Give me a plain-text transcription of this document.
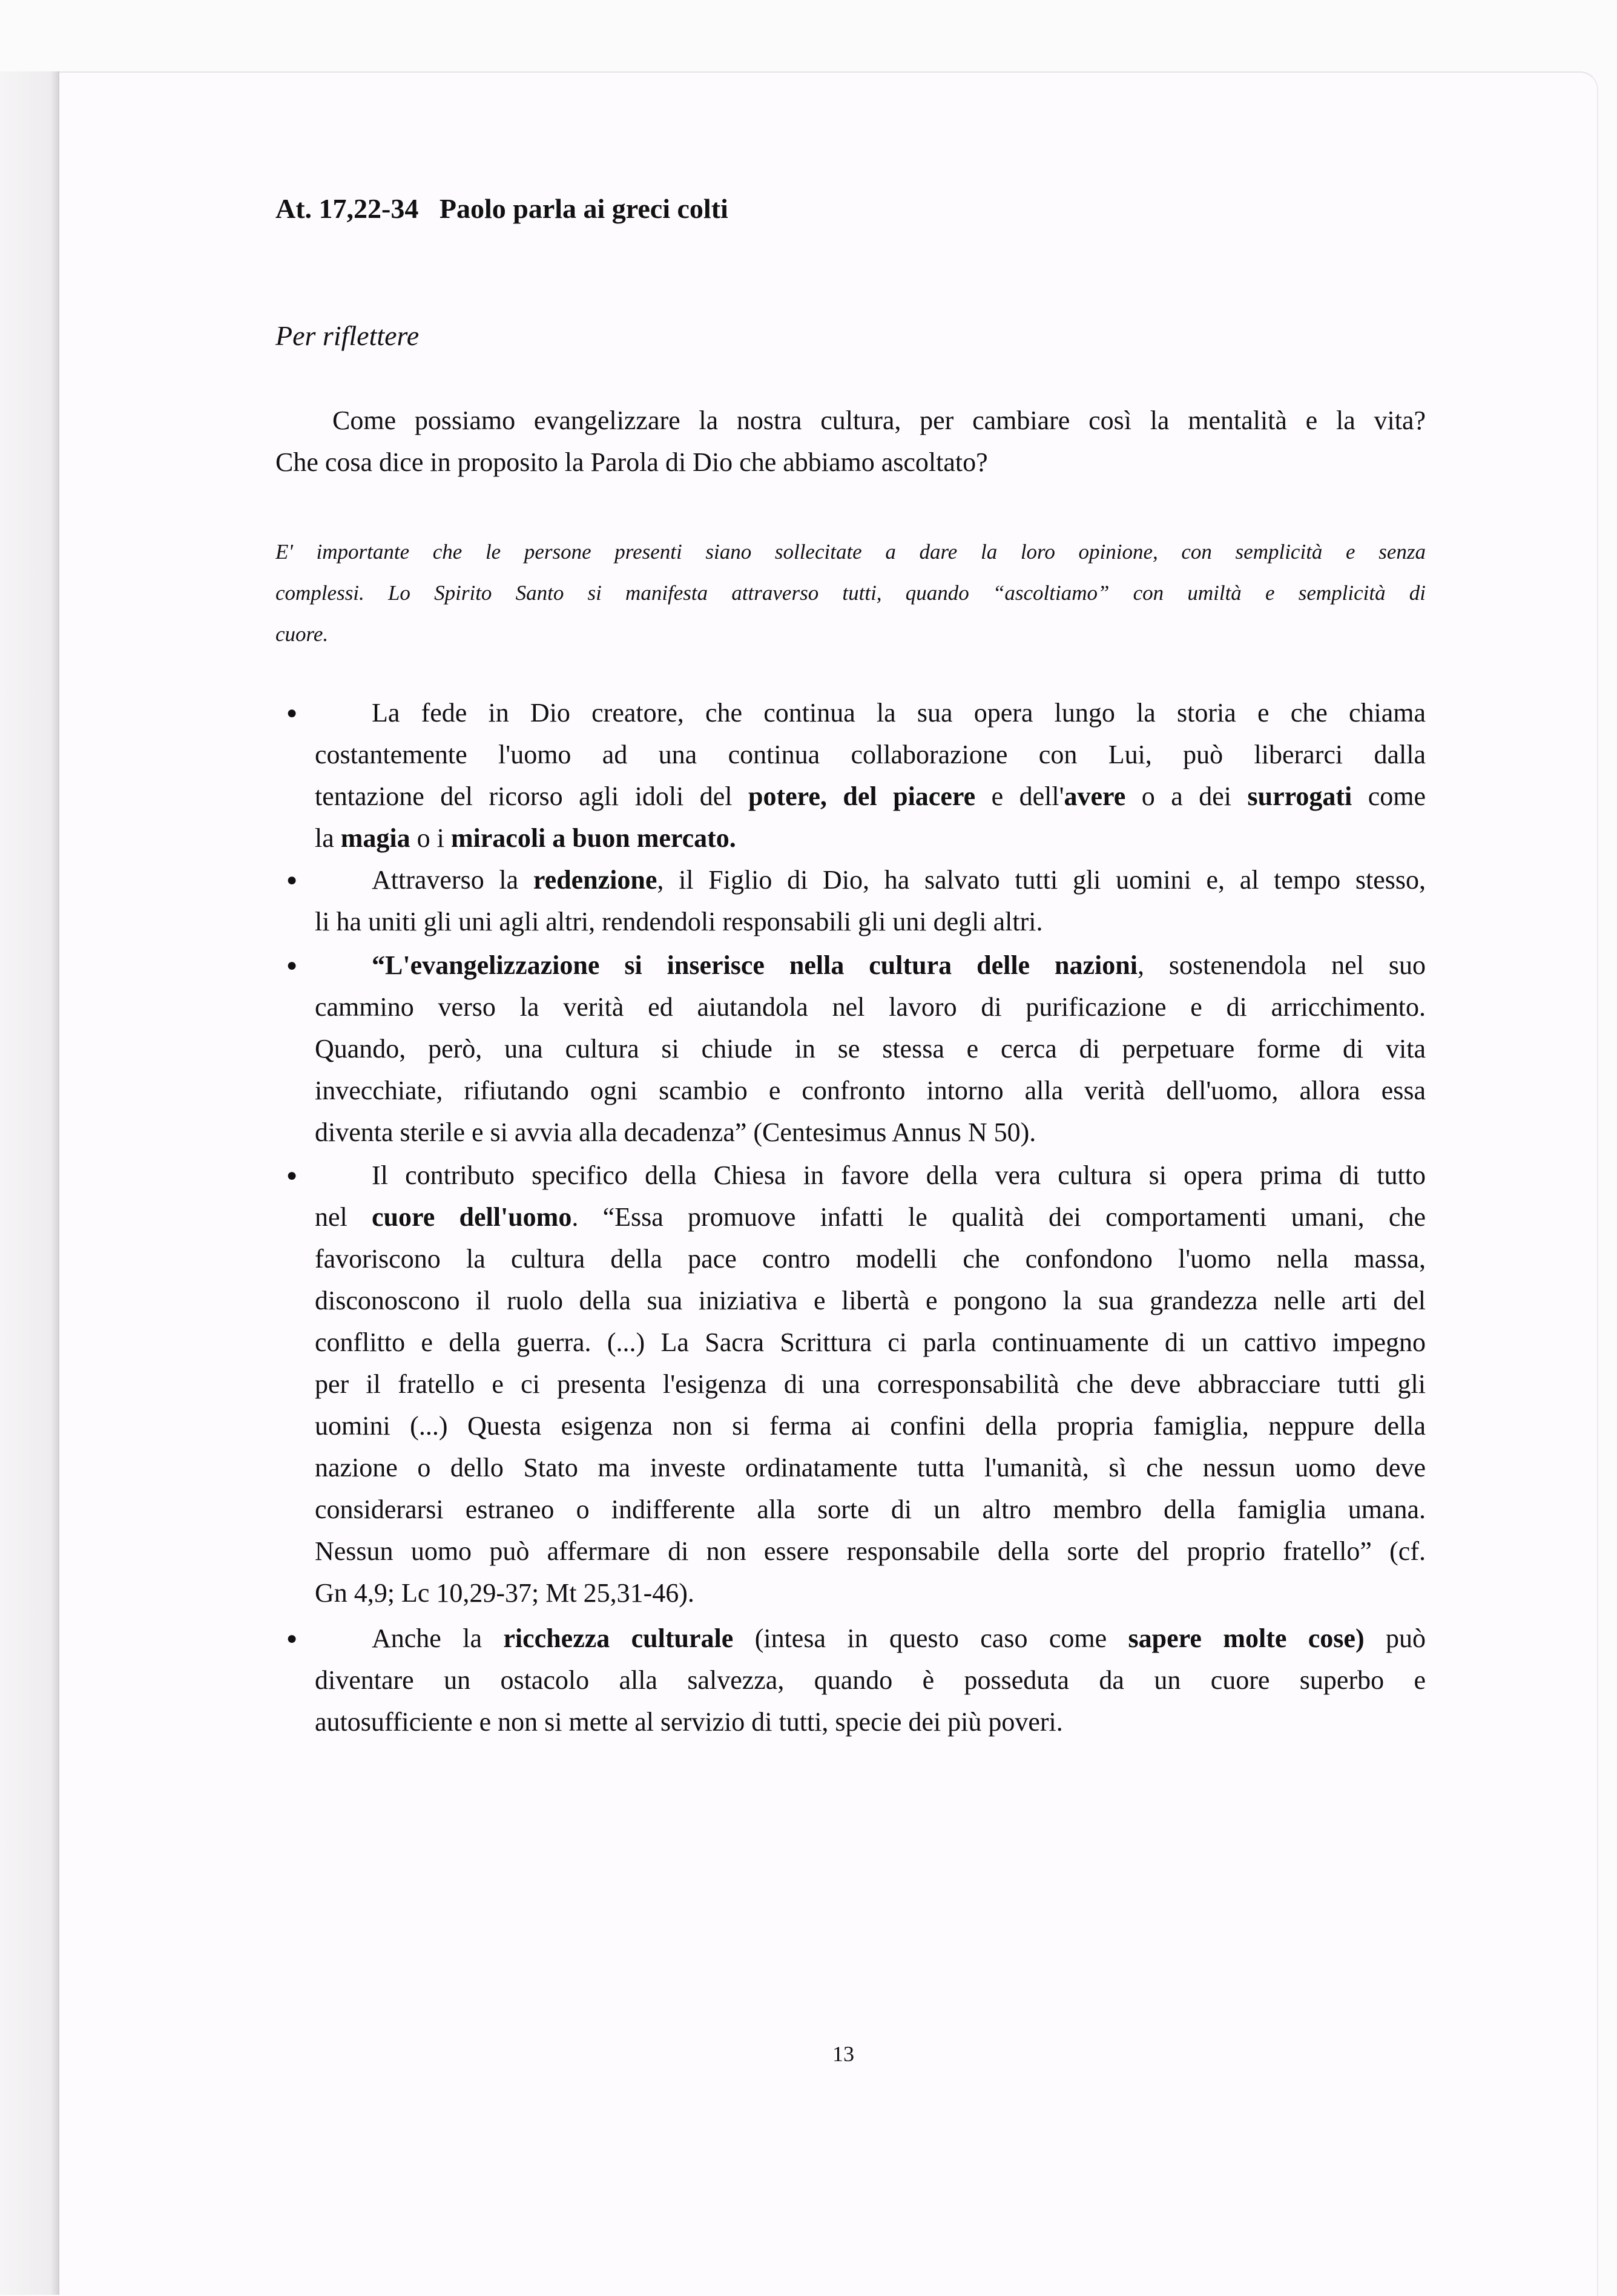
At. 17,22-34   Paolo parla ai greci colti
Per riflettere
Come possiamo evangelizzare la nostra cultura, per cambiare così la mentalità e la vita?
Che cosa dice in proposito la Parola di Dio che abbiamo ascoltato?
E' importante che le persone presenti siano sollecitate a dare la loro opinione, con semplicità e senza
complessi. Lo Spirito Santo si manifesta attraverso tutti, quando “ascoltiamo” con umiltà e semplicità di
cuore.
●	La fede in Dio creatore, che continua la sua opera lungo la storia e che chiama
costantemente l'uomo ad una continua collaborazione con Lui, può liberarci dalla
tentazione del ricorso agli idoli del potere, del piacere e dell'avere o a dei surrogati come
la magia o i miracoli a buon mercato.
●	Attraverso la redenzione, il Figlio di Dio, ha salvato tutti gli uomini e, al tempo stesso,
li ha uniti gli uni agli altri, rendendoli responsabili gli uni degli altri.
●	“L'evangelizzazione si inserisce nella cultura delle nazioni, sostenendola nel suo
cammino verso la verità ed aiutandola nel lavoro di purificazione e di arricchimento.
Quando, però, una cultura si chiude in se stessa e cerca di perpetuare forme di vita
invecchiate, rifiutando ogni scambio e confronto intorno alla verità dell'uomo, allora essa
diventa sterile e si avvia alla decadenza” (Centesimus Annus N 50).
●	Il contributo specifico della Chiesa in favore della vera cultura si opera prima di tutto
nel cuore dell'uomo. “Essa promuove infatti le qualità dei comportamenti umani, che
favoriscono la cultura della pace contro modelli che confondono l'uomo nella massa,
disconoscono il ruolo della sua iniziativa e libertà e pongono la sua grandezza nelle arti del
conflitto e della guerra. (...) La Sacra Scrittura ci parla continuamente di un cattivo impegno
per il fratello e ci presenta l'esigenza di una corresponsabilità che deve abbracciare tutti gli
uomini (...) Questa esigenza non si ferma ai confini della propria famiglia, neppure della
nazione o dello Stato ma investe ordinatamente tutta l'umanità, sì che nessun uomo deve
considerarsi estraneo o indifferente alla sorte di un altro membro della famiglia umana.
Nessun uomo può affermare di non essere responsabile della sorte del proprio fratello” (cf.
Gn 4,9; Lc 10,29-37; Mt 25,31-46).
●	Anche la ricchezza culturale (intesa in questo caso come sapere molte cose) può
diventare un ostacolo alla salvezza, quando è posseduta da un cuore superbo e
autosufficiente e non si mette al servizio di tutti, specie dei più poveri.
13
